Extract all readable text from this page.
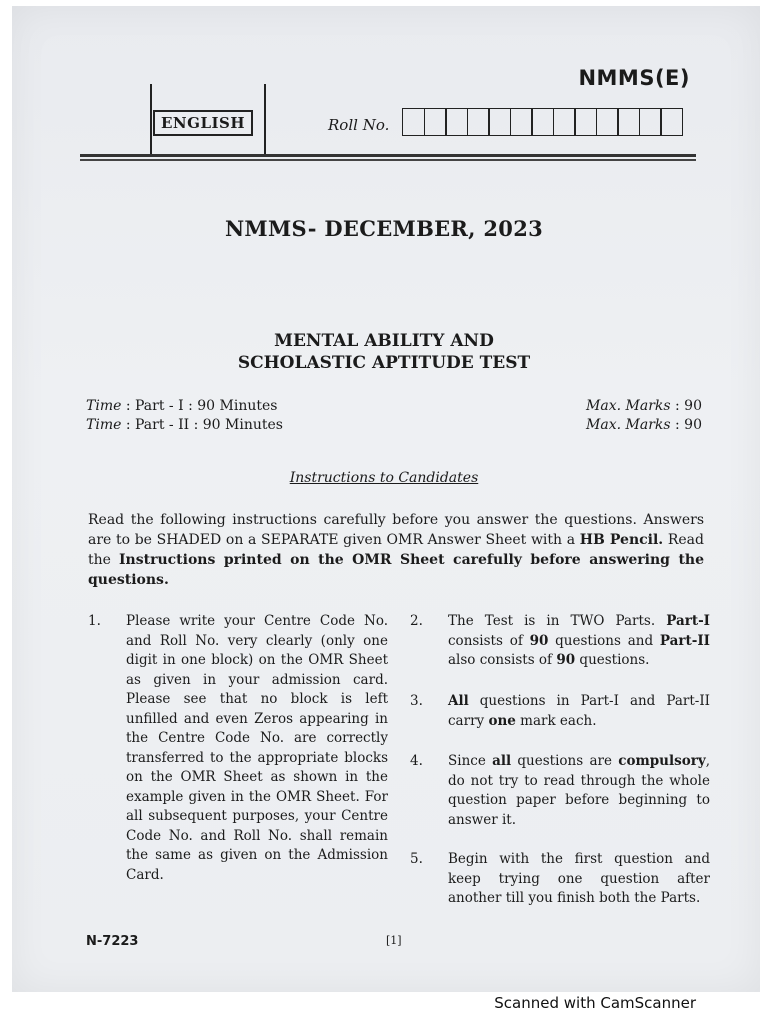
NMMS(E)
ENGLISH	Roll No.
NMMS- DECEMBER, 2023
MENTAL ABILITY AND
SCHOLASTIC APTITUDE TEST
Time : Part - I : 90 Minutes	Max. Marks : 90
Time : Part - II : 90 Minutes	Max. Marks : 90
Instructions to Candidates
Read the following instructions carefully before you answer the questions. Answers are to be SHADED on a SEPARATE given OMR Answer Sheet with a HB Pencil. Read the Instructions printed on the OMR Sheet carefully before answering the questions.
1. Please write your Centre Code No. and Roll No. very clearly (only one digit in one block) on the OMR Sheet as given in your admission card. Please see that no block is left unfilled and even Zeros appearing in the Centre Code No. are correctly transferred to the appropriate blocks on the OMR Sheet as shown in the example given in the OMR Sheet. For all subsequent purposes, your Centre Code No. and Roll No. shall remain the same as given on the Admission Card.
2. The Test is in TWO Parts. Part-I consists of 90 questions and Part-II also consists of 90 questions.
3. All questions in Part-I and Part-II carry one mark each.
4. Since all questions are compulsory, do not try to read through the whole question paper before beginning to answer it.
5. Begin with the first question and keep trying one question after another till you finish both the Parts.
N-7223	[1]
Scanned with CamScanner
